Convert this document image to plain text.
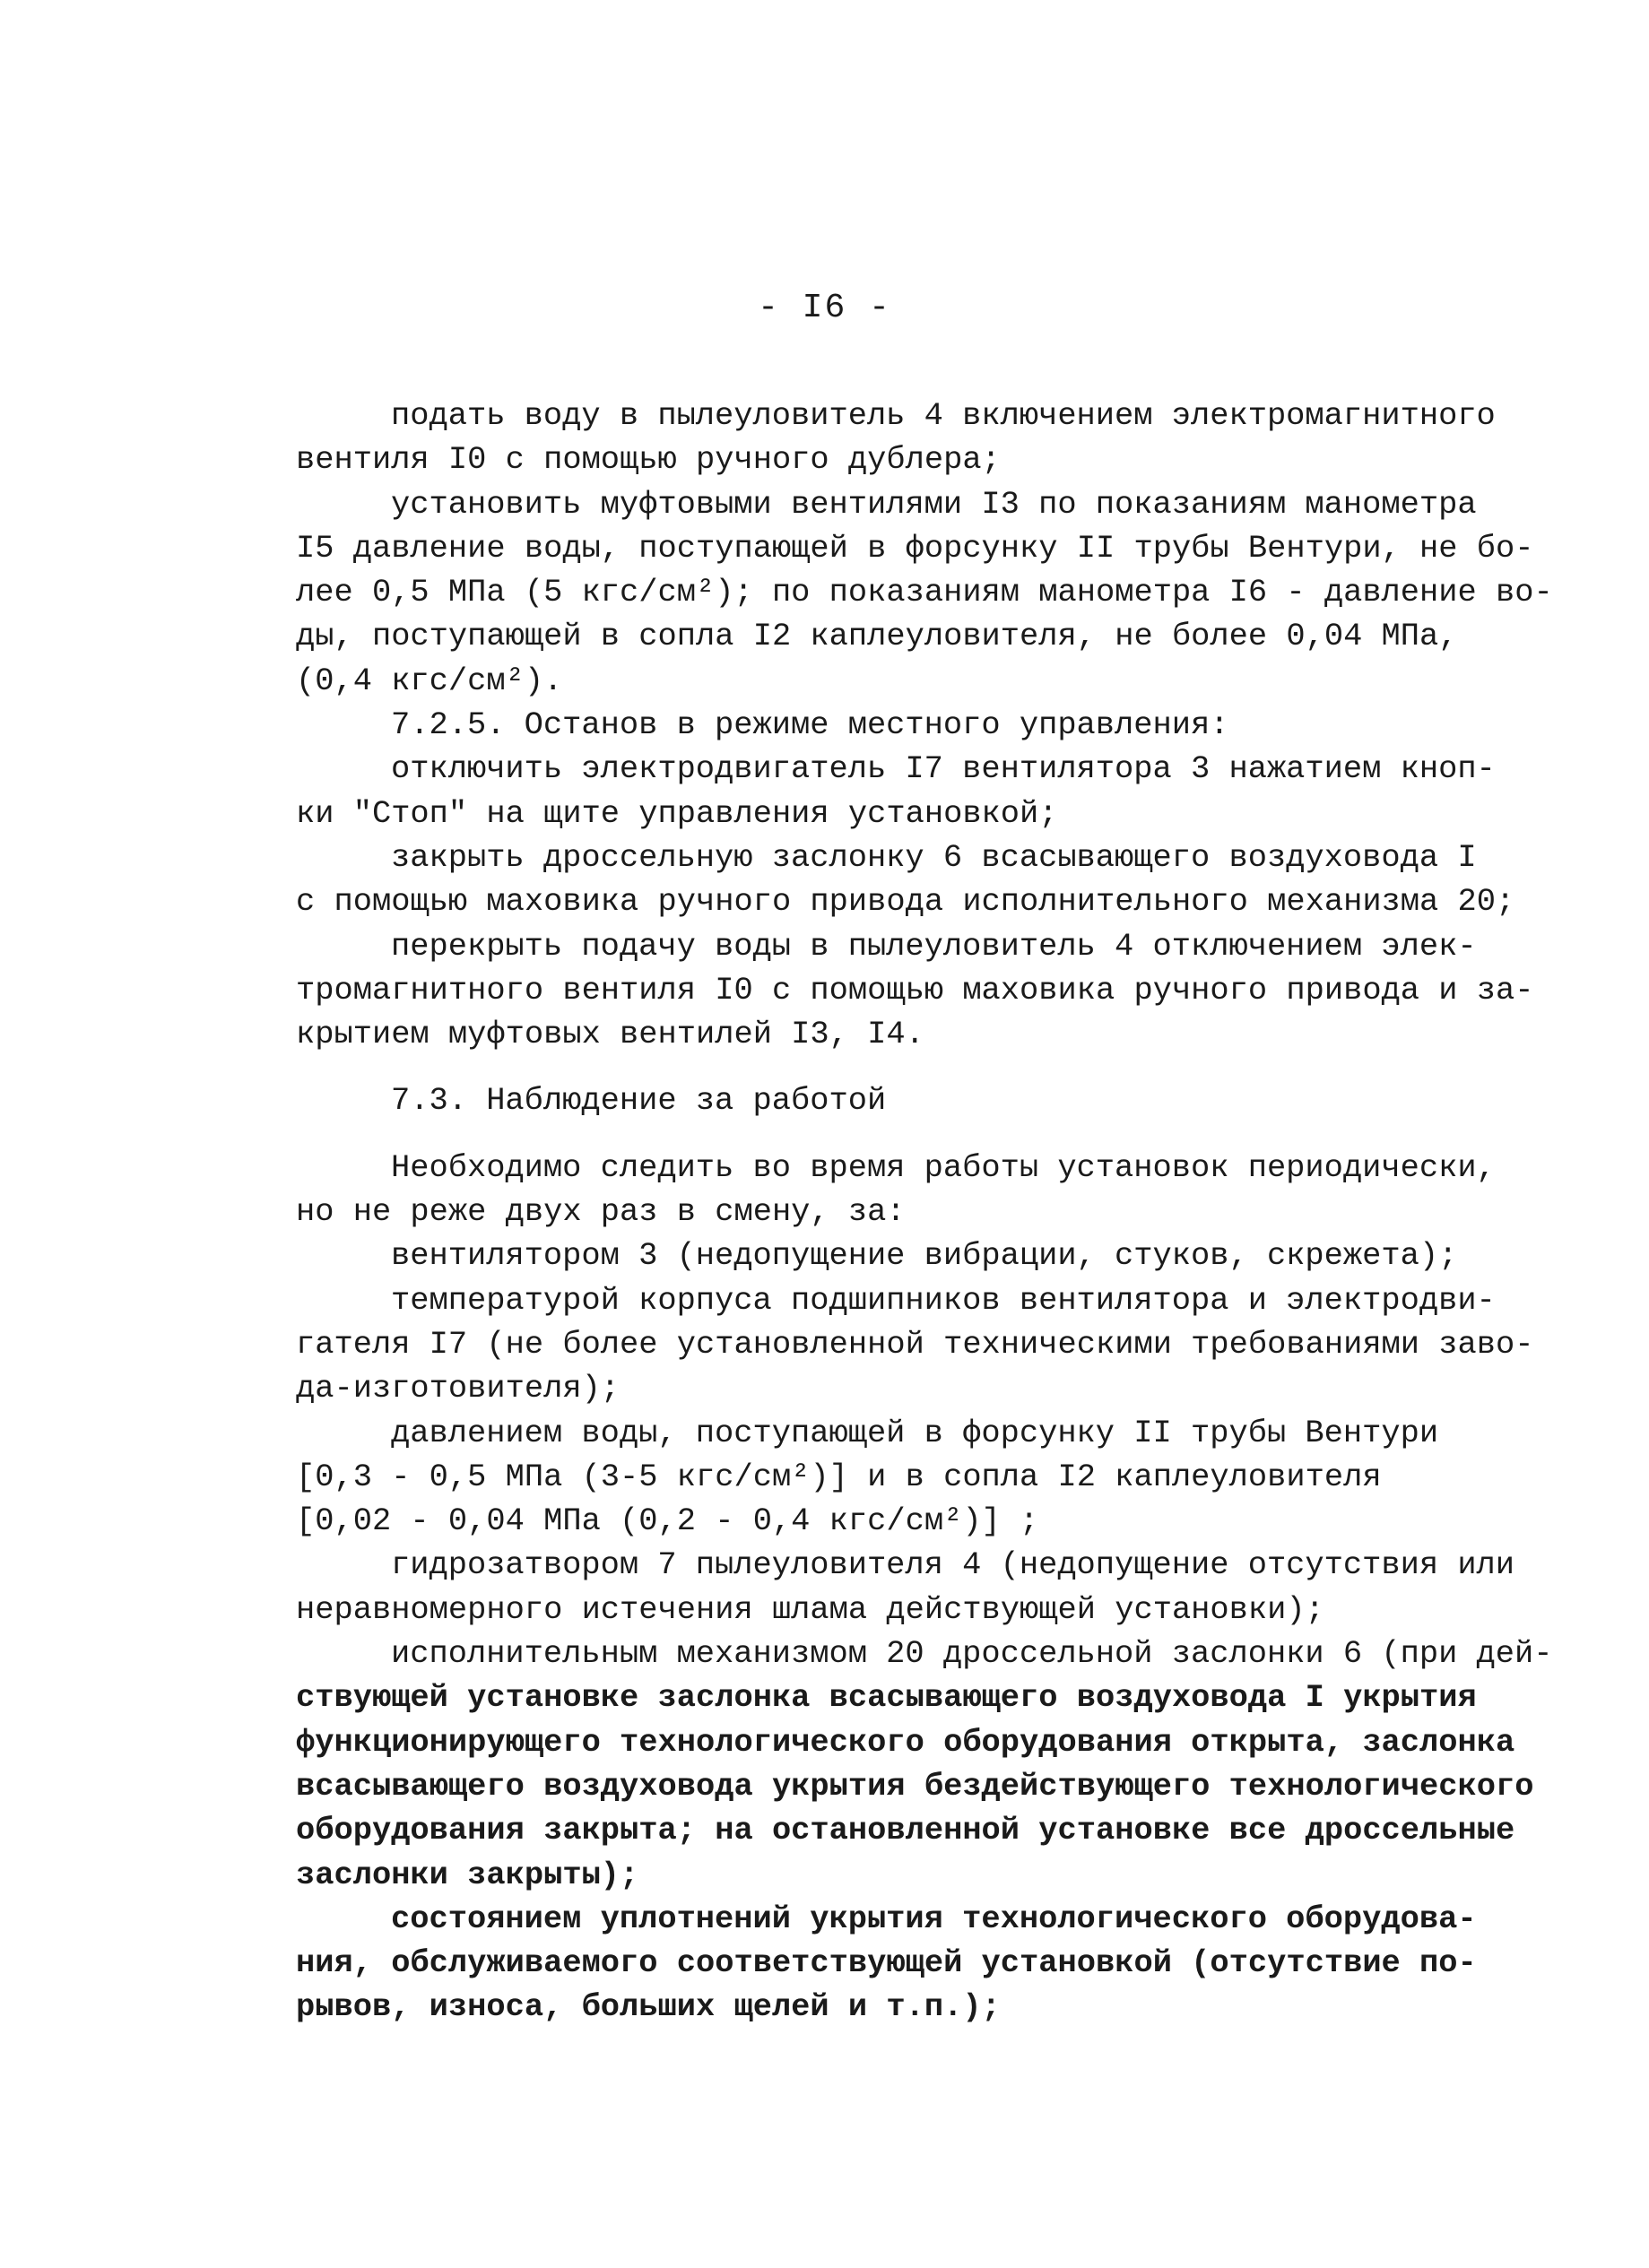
- I6 -
подать воду в пылеуловитель 4 включением электромагнитного
вентиля I0 с помощью ручного дублера;
установить муфтовыми вентилями I3 по показаниям манометра
I5 давление воды, поступающей в форсунку II трубы Вентури, не бо-
лее 0,5 МПа (5 кгс/см²); по показаниям манометра I6 - давление во-
ды, поступающей в сопла I2 каплеуловителя, не более 0,04 МПа,
(0,4 кгс/см²).
7.2.5. Останов в режиме местного управления:
отключить электродвигатель I7 вентилятора 3 нажатием кноп-
ки "Стоп" на щите управления установкой;
закрыть дроссельную заслонку 6 всасывающего воздуховода I
с помощью маховика ручного привода исполнительного механизма 20;
перекрыть подачу воды в пылеуловитель 4 отключением элек-
тромагнитного вентиля I0 с помощью маховика ручного привода и за-
крытием муфтовых вентилей I3, I4.
7.3. Наблюдение за работой
Необходимо следить во время работы установок периодически,
но не реже двух раз в смену, за:
вентилятором 3 (недопущение вибрации, стуков, скрежета);
температурой корпуса подшипников вентилятора и электродви-
гателя I7 (не более установленной техническими требованиями заво-
да-изготовителя);
давлением воды, поступающей в форсунку II трубы Вентури
[0,3 - 0,5 МПа (3-5 кгс/см²)] и в сопла I2 каплеуловителя
[0,02 - 0,04 МПа (0,2 - 0,4 кгс/см²)] ;
гидрозатвором 7 пылеуловителя 4 (недопущение отсутствия или
неравномерного истечения шлама действующей установки);
исполнительным механизмом 20 дроссельной заслонки 6 (при дей-
ствующей установке заслонка всасывающего воздуховода I укрытия
функционирующего технологического оборудования открыта, заслонка
всасывающего воздуховода укрытия бездействующего технологического
оборудования закрыта; на остановленной установке все дроссельные
заслонки закрыты);
состоянием уплотнений укрытия технологического оборудова-
ния, обслуживаемого соответствующей установкой (отсутствие по-
рывов, износа, больших щелей и т.п.);
